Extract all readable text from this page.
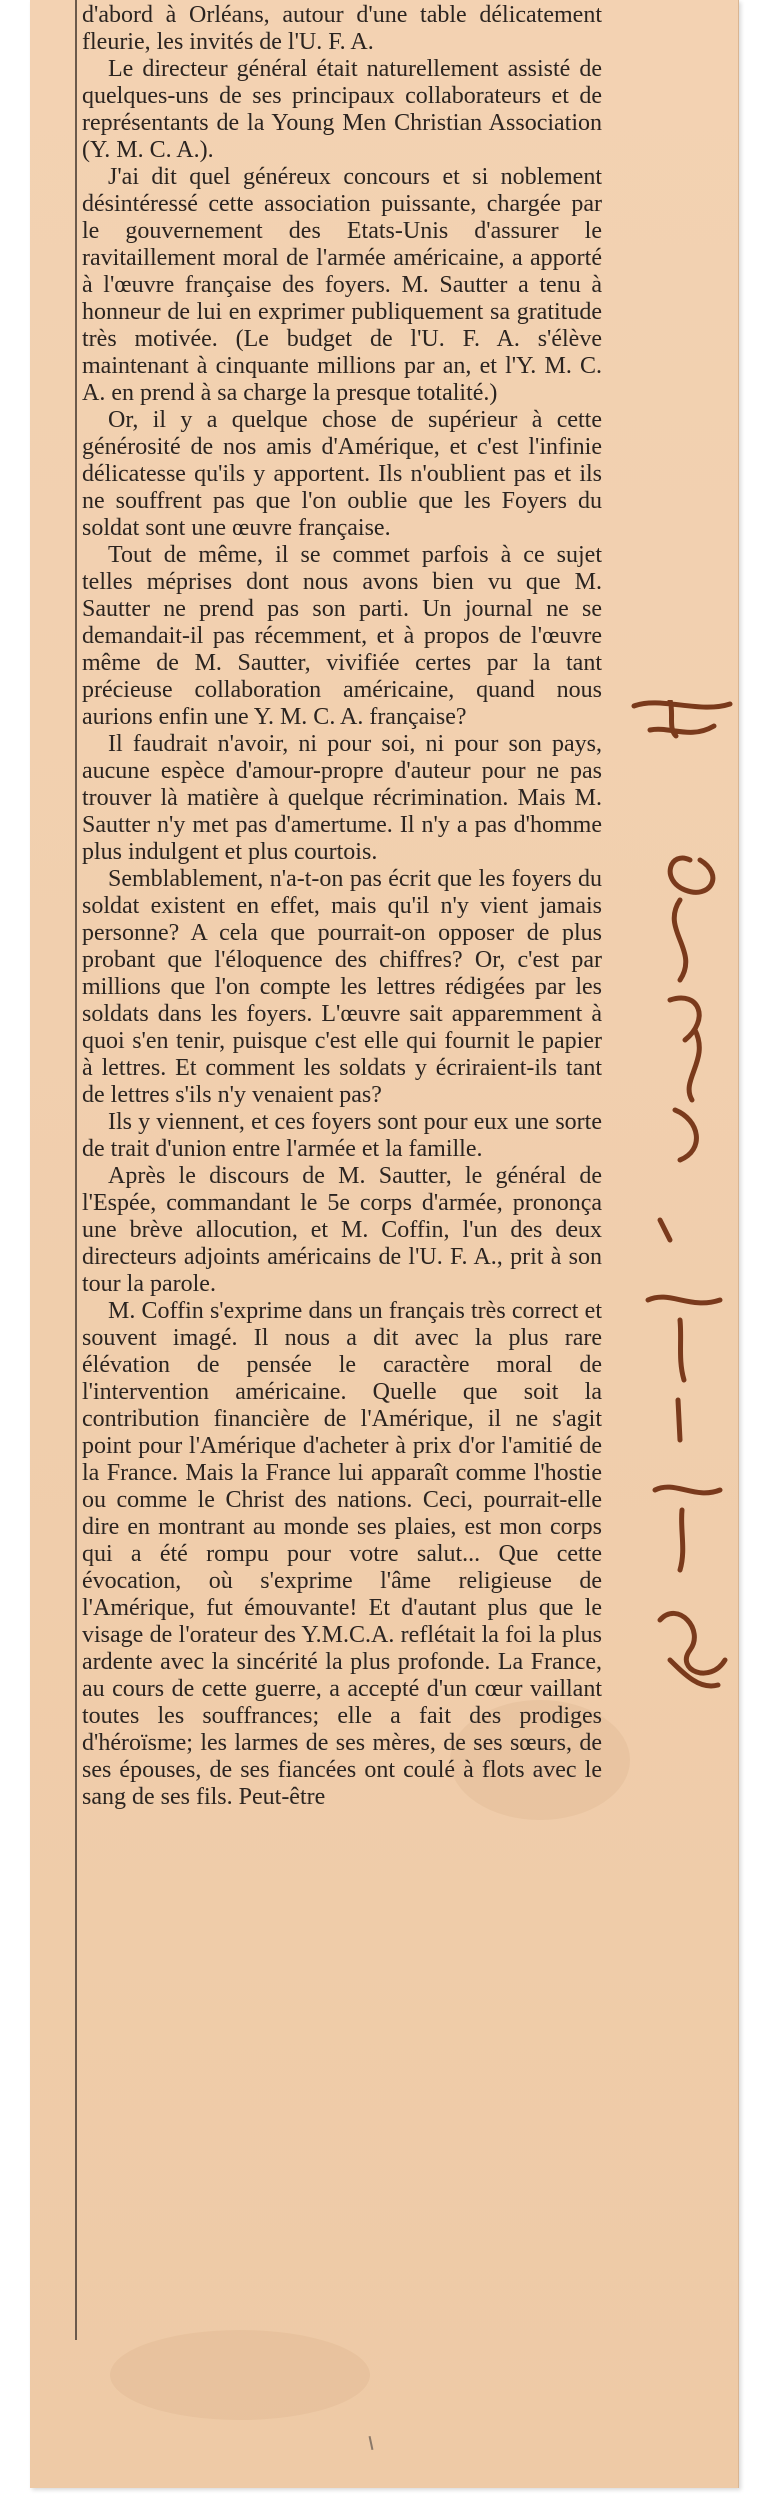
d'abord à Orléans, autour d'une table délicatement fleurie, les invités de l'U. F. A.

Le directeur général était naturellement assisté de quelques-uns de ses principaux collaborateurs et de représentants de la Young Men Christian Association (Y. M. C. A.).

J'ai dit quel généreux concours et si noblement désintéressé cette association puissante, chargée par le gouvernement des Etats-Unis d'assurer le ravitaillement moral de l'armée américaine, a apporté à l'œuvre française des foyers. M. Sautter a tenu à honneur de lui en exprimer publiquement sa gratitude très motivée. (Le budget de l'U. F. A. s'élève maintenant à cinquante millions par an, et l'Y. M. C. A. en prend à sa charge la presque totalité.)

Or, il y a quelque chose de supérieur à cette générosité de nos amis d'Amérique, et c'est l'infinie délicatesse qu'ils y apportent. Ils n'oublient pas et ils ne souffrent pas que l'on oublie que les Foyers du soldat sont une œuvre française.

Tout de même, il se commet parfois à ce sujet telles méprises dont nous avons bien vu que M. Sautter ne prend pas son parti. Un journal ne se demandait-il pas récemment, et à propos de l'œuvre même de M. Sautter, vivifiée certes par la tant précieuse collaboration américaine, quand nous aurions enfin une Y. M. C. A. française?

Il faudrait n'avoir, ni pour soi, ni pour son pays, aucune espèce d'amour-propre d'auteur pour ne pas trouver là matière à quelque récrimination. Mais M. Sautter n'y met pas d'amertume. Il n'y a pas d'homme plus indulgent et plus courtois.

Semblablement, n'a-t-on pas écrit que les foyers du soldat existent en effet, mais qu'il n'y vient jamais personne? A cela que pourrait-on opposer de plus probant que l'éloquence des chiffres? Or, c'est par millions que l'on compte les lettres rédigées par les soldats dans les foyers. L'œuvre sait apparemment à quoi s'en tenir, puisque c'est elle qui fournit le papier à lettres. Et comment les soldats y écriraient-ils tant de lettres s'ils n'y venaient pas?

Ils y viennent, et ces foyers sont pour eux une sorte de trait d'union entre l'armée et la famille.

Après le discours de M. Sautter, le général de l'Espée, commandant le 5e corps d'armée, prononça une brève allocution, et M. Coffin, l'un des deux directeurs adjoints américains de l'U. F. A., prit à son tour la parole.

M. Coffin s'exprime dans un français très correct et souvent imagé. Il nous a dit avec la plus rare élévation de pensée le caractère moral de l'intervention américaine. Quelle que soit la contribution financière de l'Amérique, il ne s'agit point pour l'Amérique d'acheter à prix d'or l'amitié de la France. Mais la France lui apparaît comme l'hostie ou comme le Christ des nations. Ceci, pourrait-elle dire en montrant au monde ses plaies, est mon corps qui a été rompu pour votre salut... Que cette évocation, où s'exprime l'âme religieuse de l'Amérique, fut émouvante! Et d'autant plus que le visage de l'orateur des Y.M.C.A. reflétait la foi la plus ardente avec la sincérité la plus profonde. La France, au cours de cette guerre, a accepté d'un cœur vaillant toutes les souffrances; elle a fait des prodiges d'héroïsme; les larmes de ses mères, de ses sœurs, de ses épouses, de ses fiancées ont coulé à flots avec le sang de ses fils. Peut-être
